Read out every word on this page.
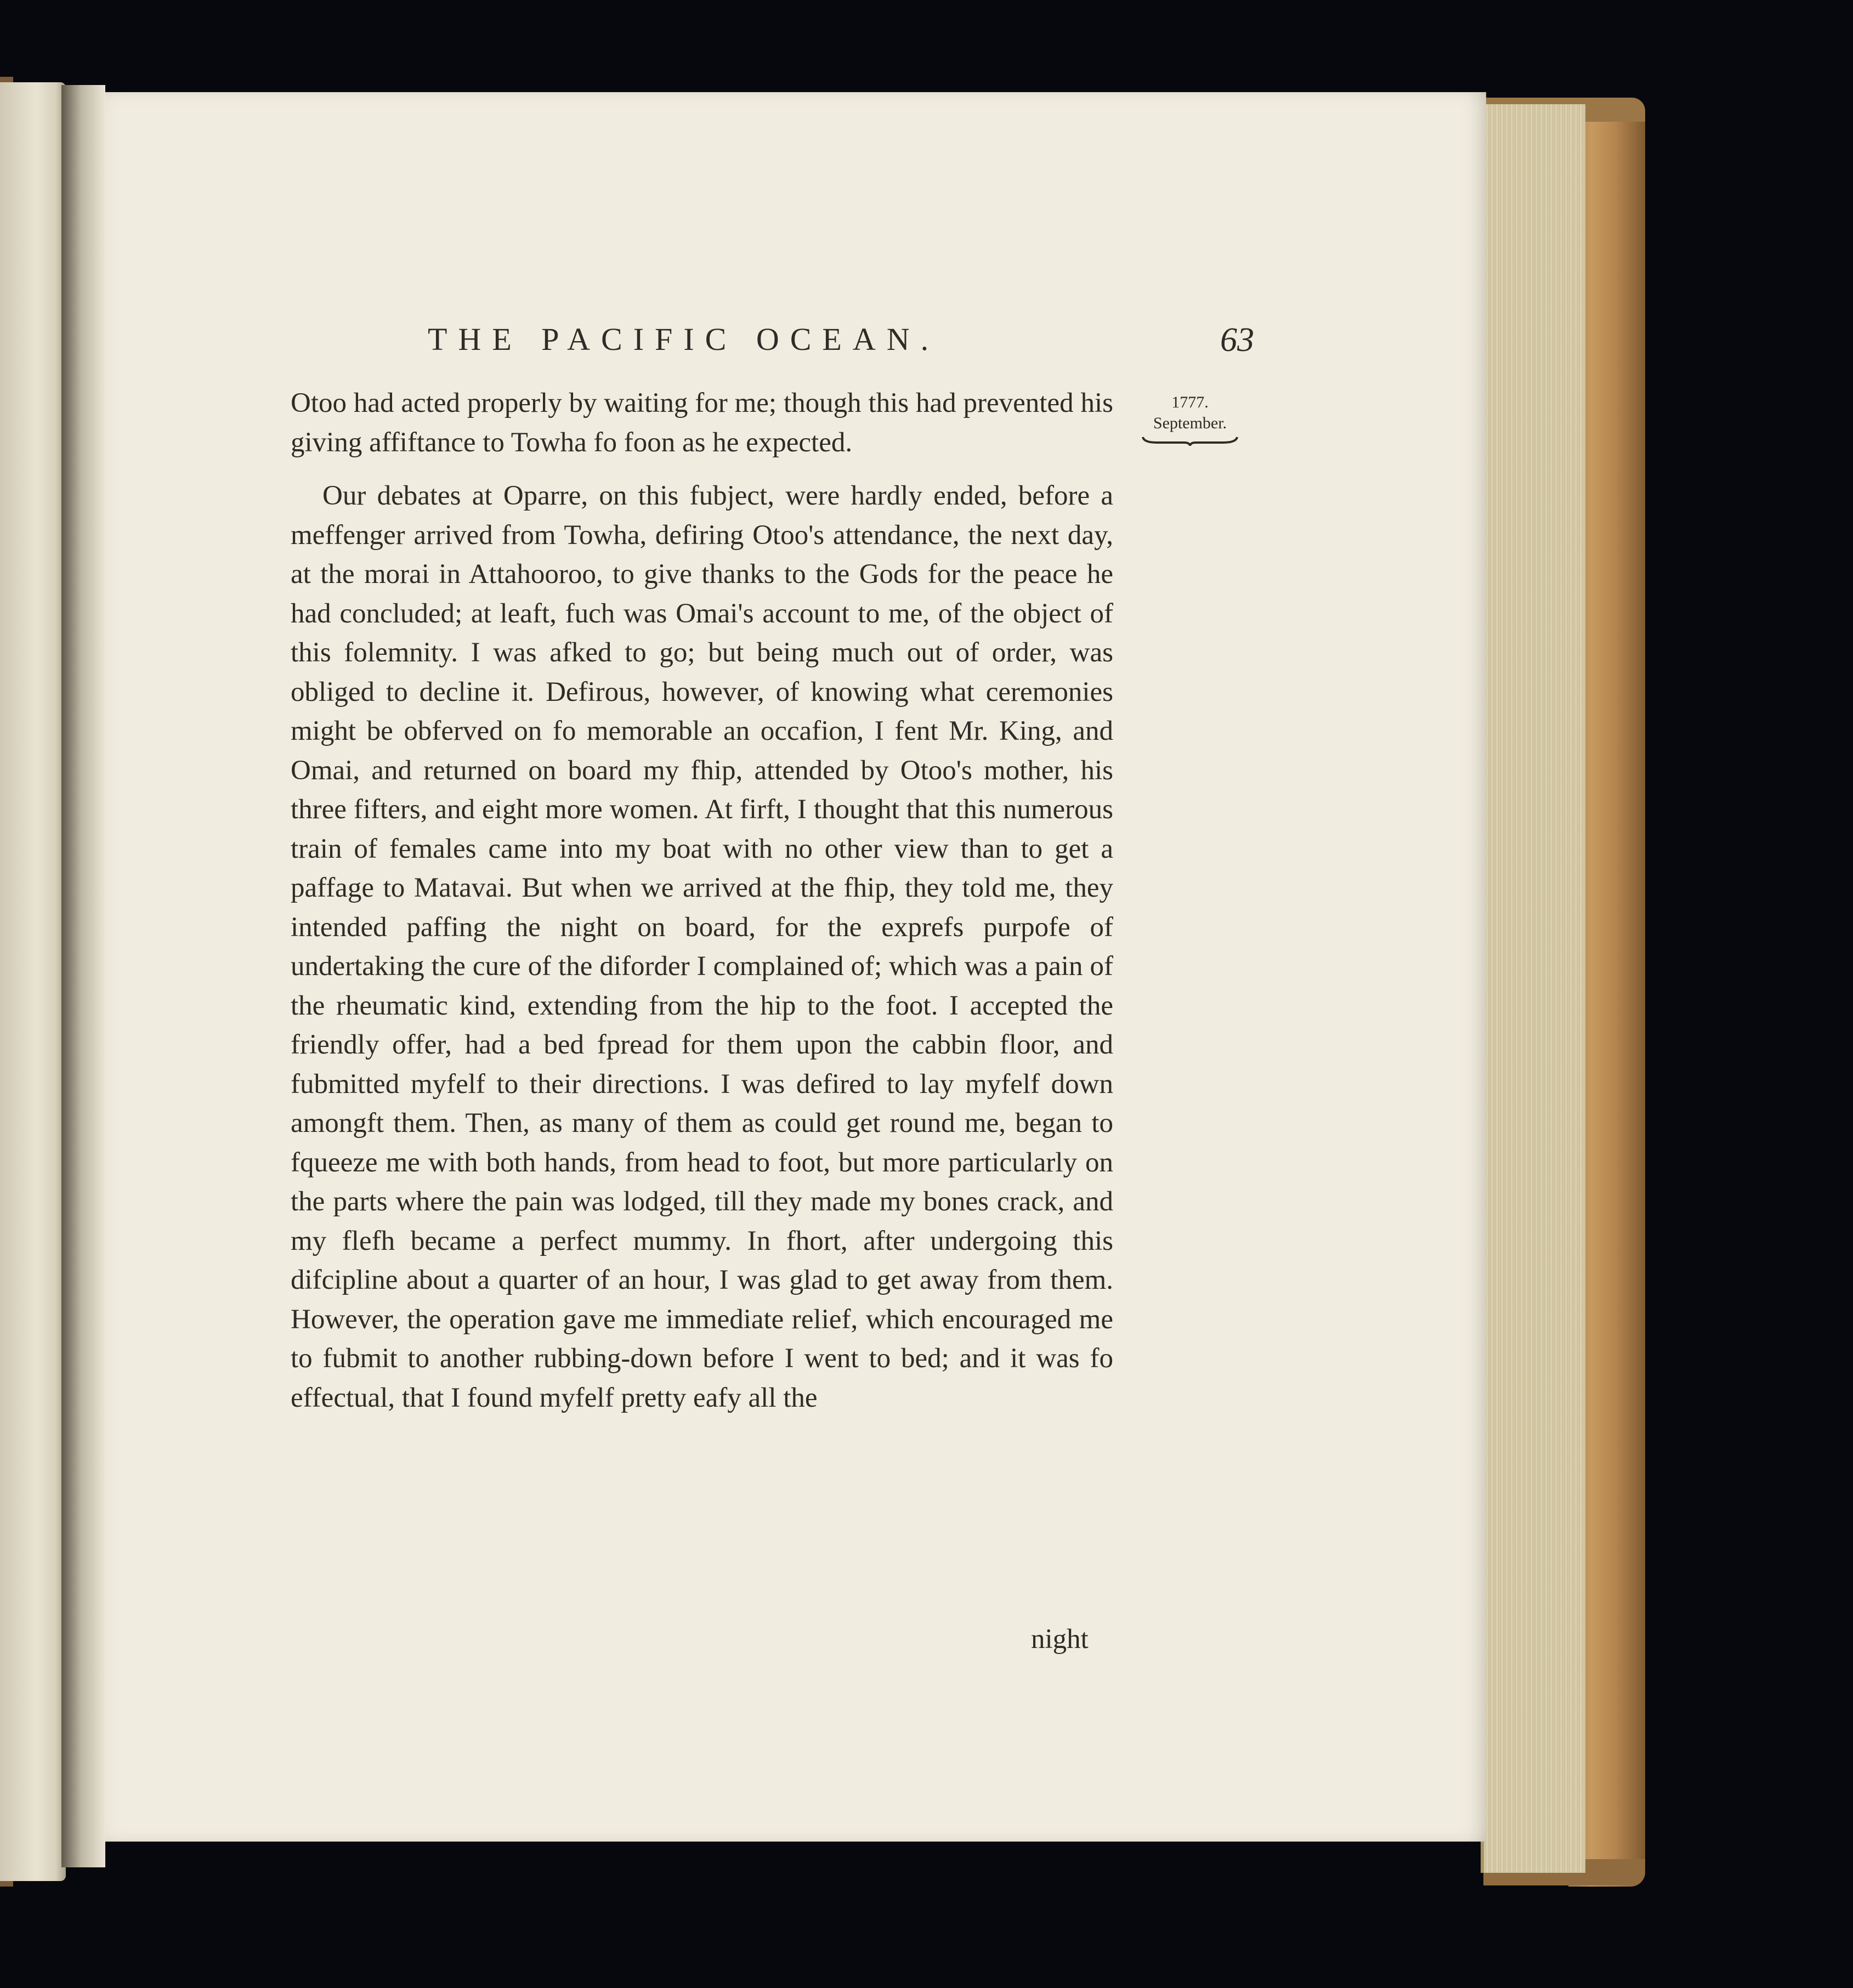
THE PACIFIC OCEAN.	63
1777.
September.

Otoo had acted properly by waiting for me; though this had prevented his giving affiftance to Towha fo foon as he expected.

Our debates at Oparre, on this fubject, were hardly ended, before a meffenger arrived from Towha, defiring Otoo's attendance, the next day, at the morai in Attahooroo, to give thanks to the Gods for the peace he had concluded; at leaft, fuch was Omai's account to me, of the object of this folemnity. I was afked to go; but being much out of order, was obliged to decline it. Defirous, however, of knowing what ceremonies might be obferved on fo memorable an occafion, I fent Mr. King, and Omai, and returned on board my fhip, attended by Otoo's mother, his three fifters, and eight more women. At firft, I thought that this numerous train of females came into my boat with no other view than to get a paffage to Matavai. But when we arrived at the fhip, they told me, they intended paffing the night on board, for the exprefs purpofe of undertaking the cure of the diforder I complained of; which was a pain of the rheumatic kind, extending from the hip to the foot. I accepted the friendly offer, had a bed fpread for them upon the cabbin floor, and fubmitted myfelf to their directions. I was defired to lay myfelf down amongft them. Then, as many of them as could get round me, began to fqueeze me with both hands, from head to foot, but more particularly on the parts where the pain was lodged, till they made my bones crack, and my flefh became a perfect mummy. In fhort, after undergoing this difcipline about a quarter of an hour, I was glad to get away from them. However, the operation gave me immediate relief, which encouraged me to fubmit to another rubbing-down before I went to bed; and it was fo effectual, that I found myfelf pretty eafy all the

night
